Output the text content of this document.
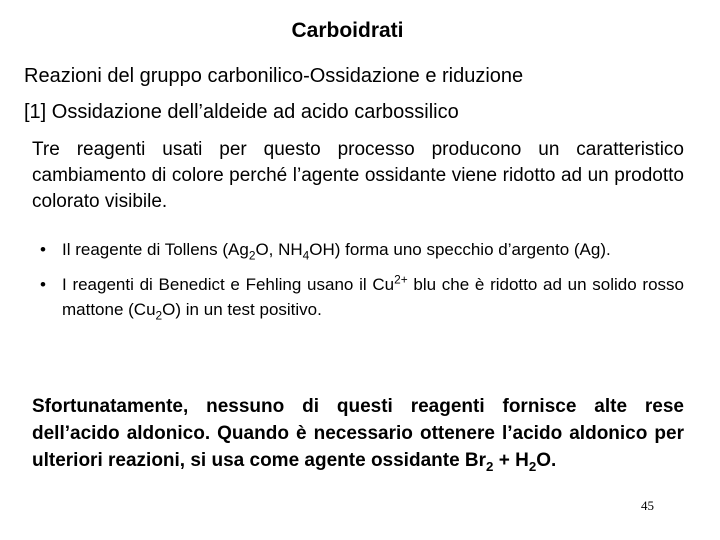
Carboidrati
Reazioni del gruppo carbonilico-Ossidazione e riduzione
[1] Ossidazione dell’aldeide ad acido carbossilico
Tre reagenti usati per questo processo producono un caratteristico cambiamento di colore perché l’agente ossidante viene ridotto ad un prodotto colorato visibile.
• Il reagente di Tollens ($Ag_2O$, $NH_4OH$) forma uno specchio d’argento (Ag).
• I reagenti di Benedict e Fehling usano il $Cu^{2+}$ blu che è ridotto ad un solido rosso mattone $(Cu_2O)$ in un test positivo.
Sfortunatamente, nessuno di questi reagenti fornisce alte rese dell’acido aldonico. Quando è necessario ottenere l’acido aldonico per ulteriori reazioni, si usa come agente ossidante $Br_2 + H_2O$.
45
